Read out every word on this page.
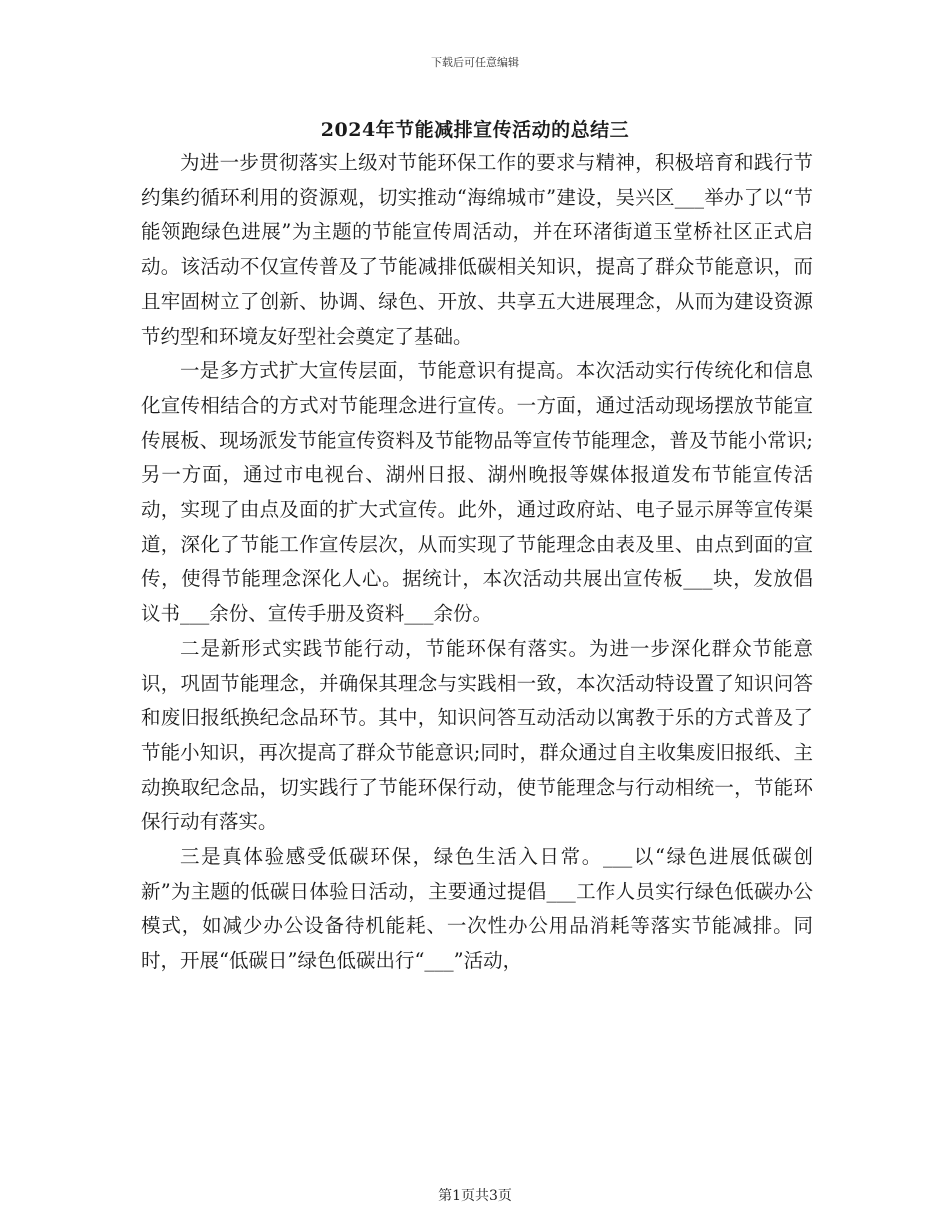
下载后可任意编辑
2024年节能减排宣传活动的总结三

为进一步贯彻落实上级对节能环保工作的要求与精神，积极培育和践行节约集约循环利用的资源观，切实推动“海绵城市”建设，吴兴区___举办了以“节能领跑绿色进展”为主题的节能宣传周活动，并在环渚街道玉堂桥社区正式启动。该活动不仅宣传普及了节能减排低碳相关知识，提高了群众节能意识，而且牢固树立了创新、协调、绿色、开放、共享五大进展理念，从而为建设资源节约型和环境友好型社会奠定了基础。

一是多方式扩大宣传层面，节能意识有提高。本次活动实行传统化和信息化宣传相结合的方式对节能理念进行宣传。一方面，通过活动现场摆放节能宣传展板、现场派发节能宣传资料及节能物品等宣传节能理念，普及节能小常识;另一方面，通过市电视台、湖州日报、湖州晚报等媒体报道发布节能宣传活动，实现了由点及面的扩大式宣传。此外，通过政府站、电子显示屏等宣传渠道，深化了节能工作宣传层次，从而实现了节能理念由表及里、由点到面的宣传，使得节能理念深化人心。据统计，本次活动共展出宣传板___块，发放倡议书___余份、宣传手册及资料___余份。

二是新形式实践节能行动，节能环保有落实。为进一步深化群众节能意识，巩固节能理念，并确保其理念与实践相一致，本次活动特设置了知识问答和废旧报纸换纪念品环节。其中，知识问答互动活动以寓教于乐的方式普及了节能小知识，再次提高了群众节能意识;同时，群众通过自主收集废旧报纸、主动换取纪念品，切实践行了节能环保行动，使节能理念与行动相统一，节能环保行动有落实。

三是真体验感受低碳环保，绿色生活入日常。___以“绿色进展低碳创新”为主题的低碳日体验日活动，主要通过提倡___工作人员实行绿色低碳办公模式，如减少办公设备待机能耗、一次性办公用品消耗等落实节能减排。同时，开展“低碳日”绿色低碳出行“___”活动，

第1页共3页
